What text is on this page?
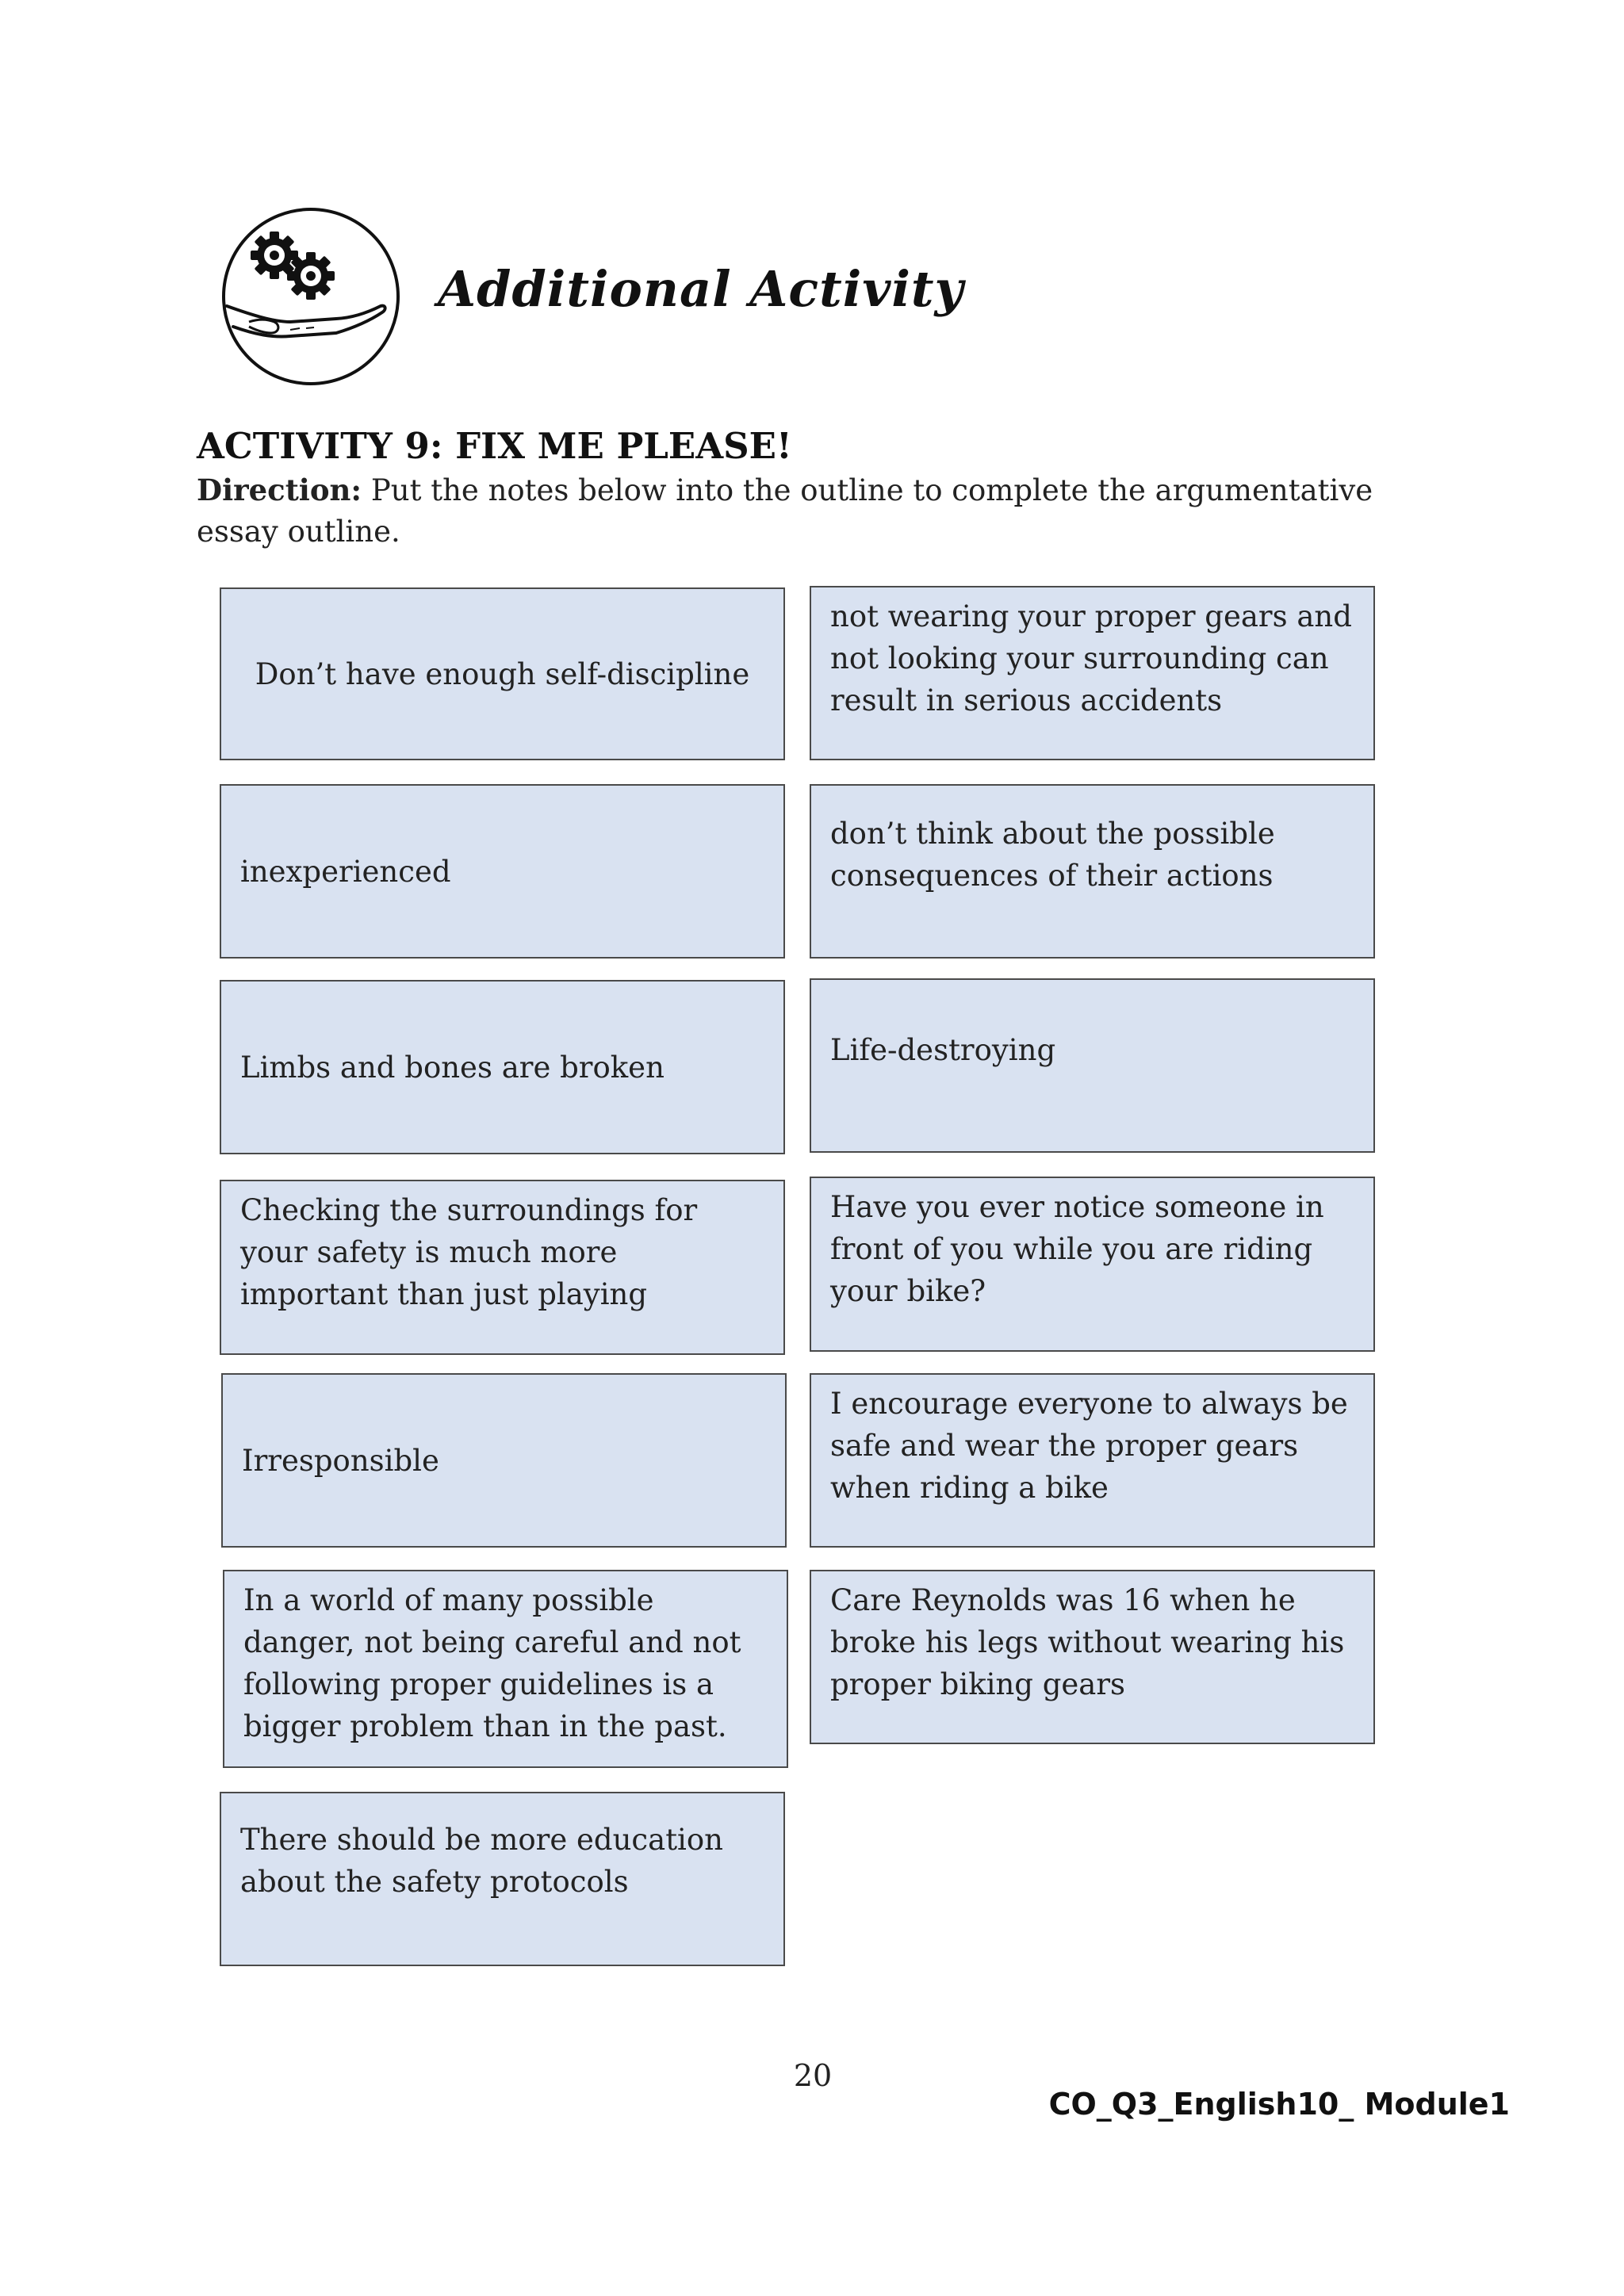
Additional Activity
ACTIVITY 9: FIX ME PLEASE!
Direction: Put the notes below into the outline to complete the argumentative essay outline.
Don’t have enough self-discipline
inexperienced
Limbs and bones are broken
Checking the surroundings for your safety is much more important than just playing
Irresponsible
In a world of many possible danger, not being careful and not following proper guidelines is a bigger problem than in the past.
There should be more education about the safety protocols
not wearing your proper gears and not looking your surrounding can result in serious accidents
don’t think about the possible consequences of their actions
Life-destroying
Have you ever notice someone in front of you while you are riding your bike?
I encourage everyone to always be safe and wear the proper gears when riding a bike
Care Reynolds was 16 when he broke his legs without wearing his proper biking gears
20
CO_Q3_English10_ Module1
